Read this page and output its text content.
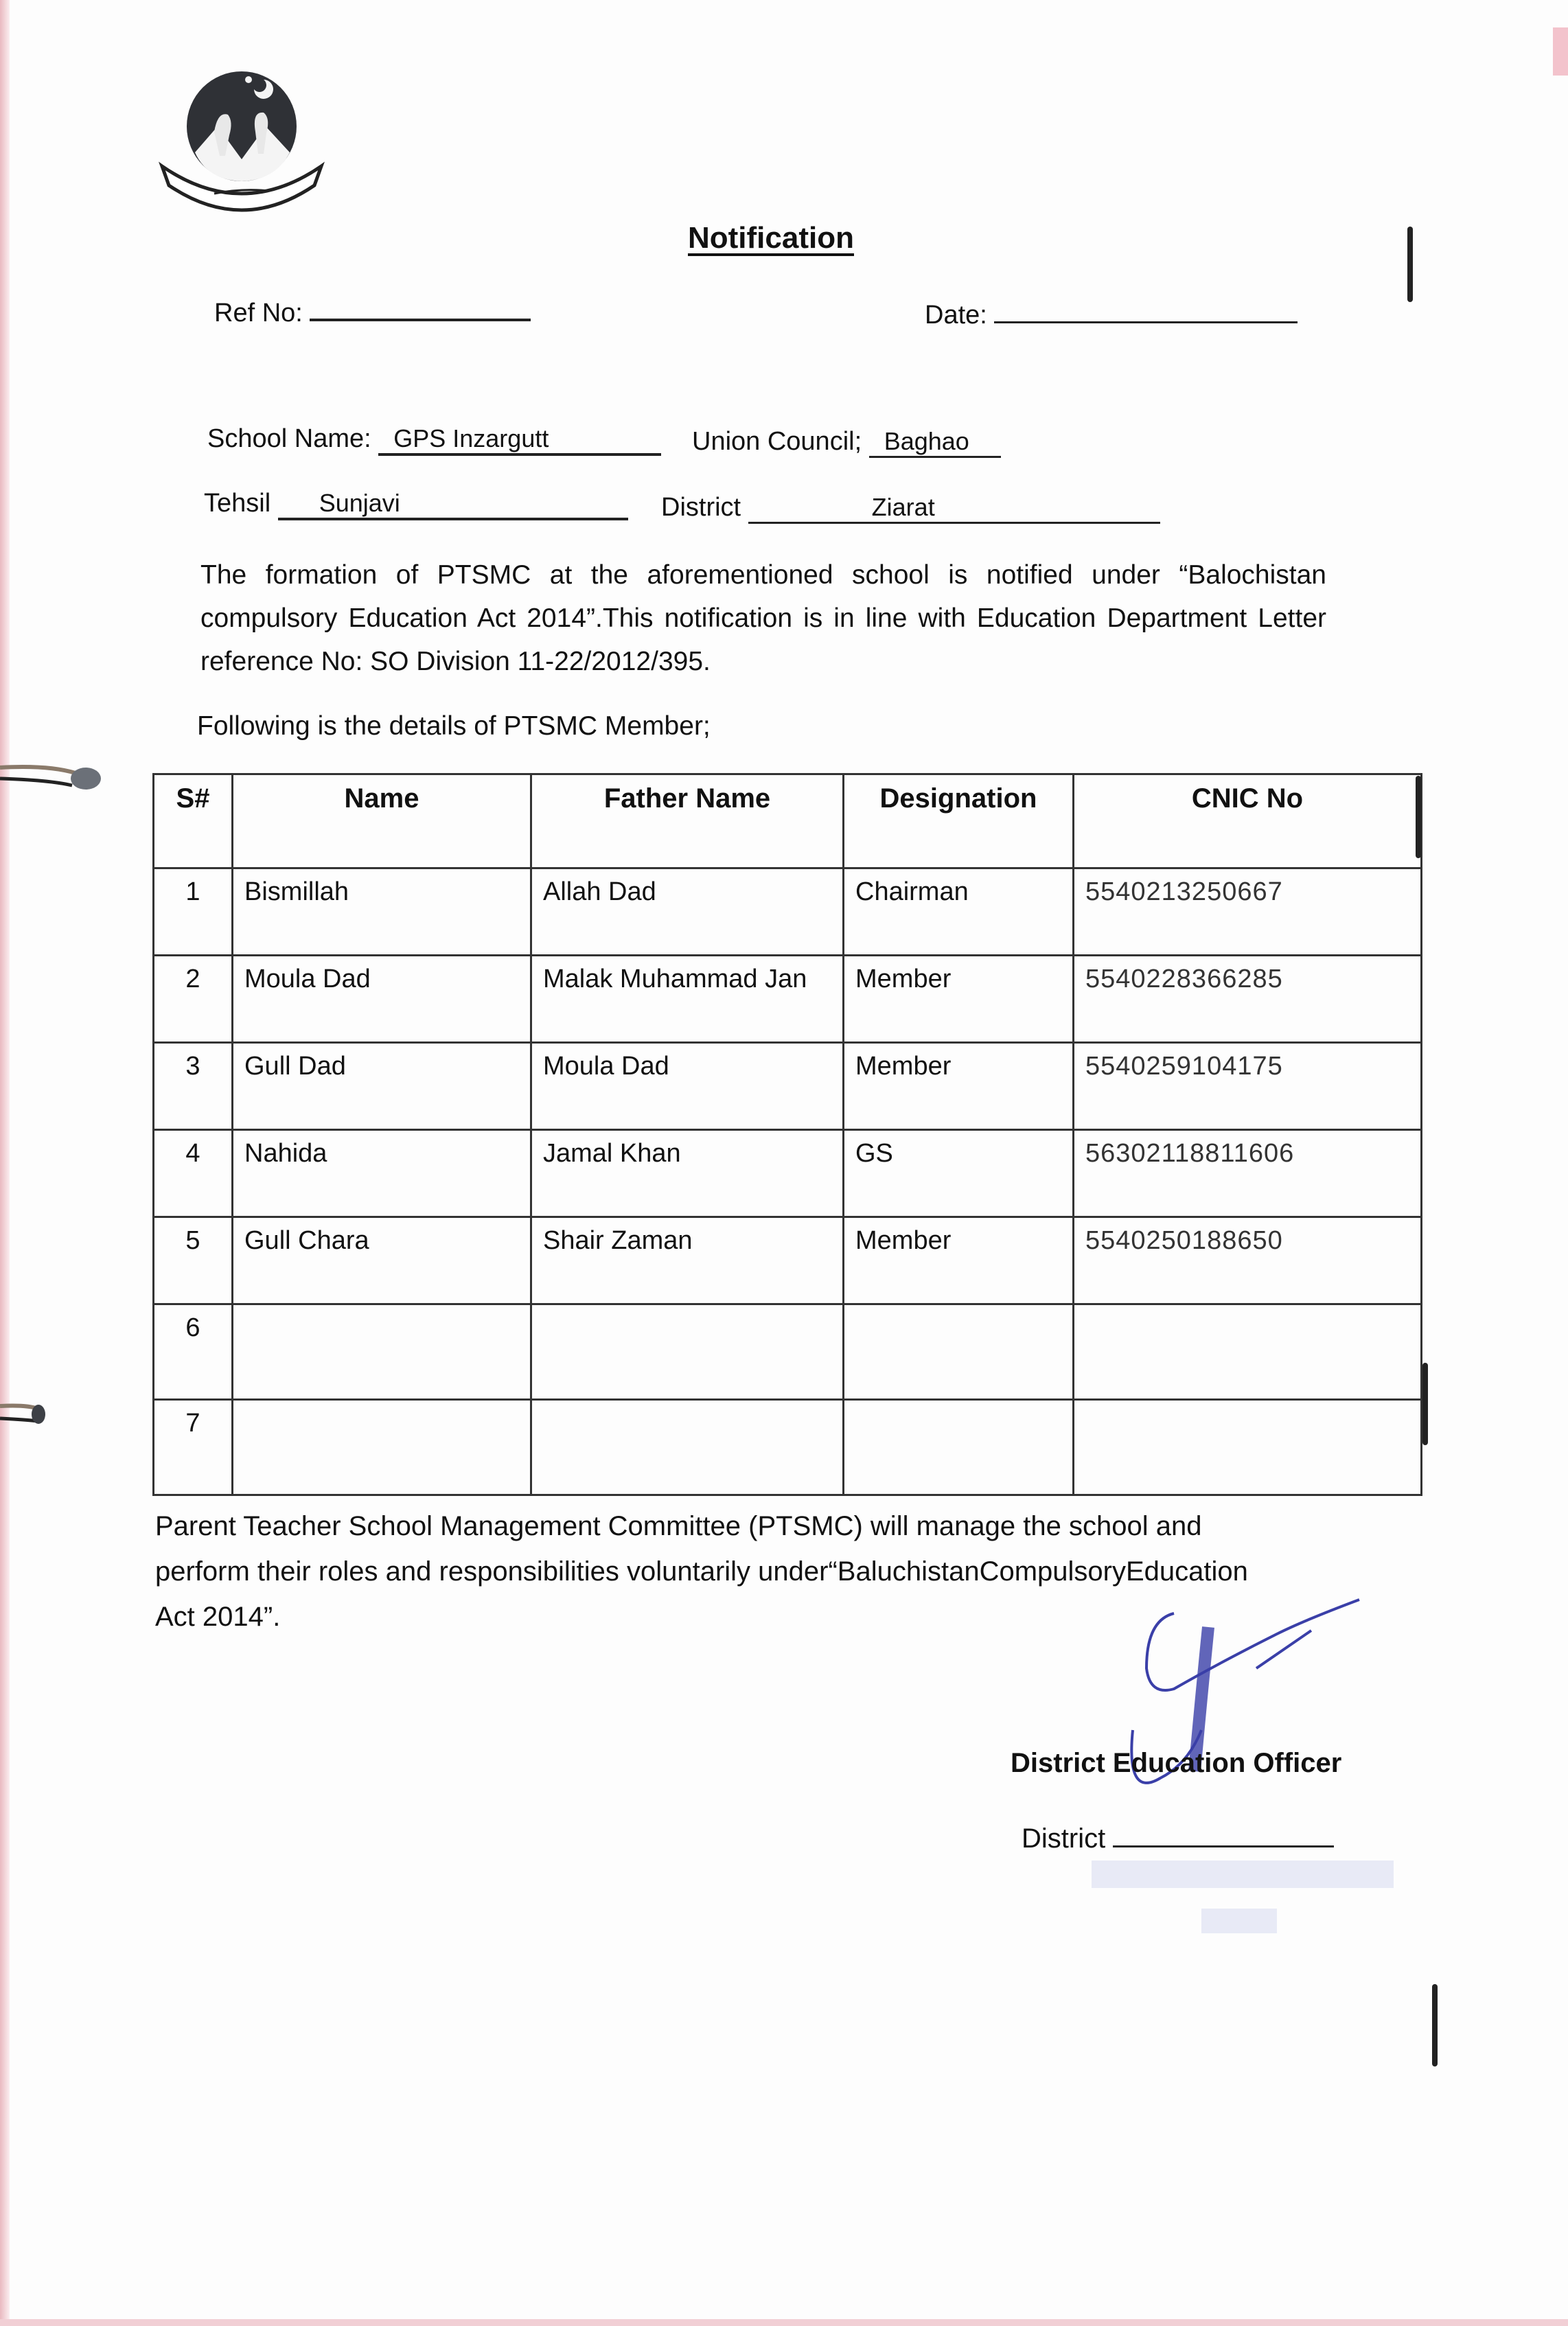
Notification
Ref No:	Date:
School Name: GPS Inzargutt	Union Council; Baghao
Tehsil Sunjavi	District	Ziarat
The formation of PTSMC at the aforementioned school is notified under “Balochistan compulsory Education Act 2014”.This notification is in line with Education Department Letter reference No: SO Division 11-22/2012/395.
Following is the details of PTSMC Member;
S#	Name	Father Name	Designation	CNIC No
1	Bismillah	Allah Dad	Chairman	5540213250667
2	Moula Dad	Malak Muhammad Jan	Member	5540228366285
3	Gull Dad	Moula Dad	Member	5540259104175
4	Nahida	Jamal Khan	GS	56302118811606
5	Gull Chara	Shair Zaman	Member	5540250188650
6				
7				
Parent Teacher School Management Committee (PTSMC) will manage the school and
perform their roles and responsibilities voluntarily under“BaluchistanCompulsoryEducation
Act 2014”.
District Education Officer
District
